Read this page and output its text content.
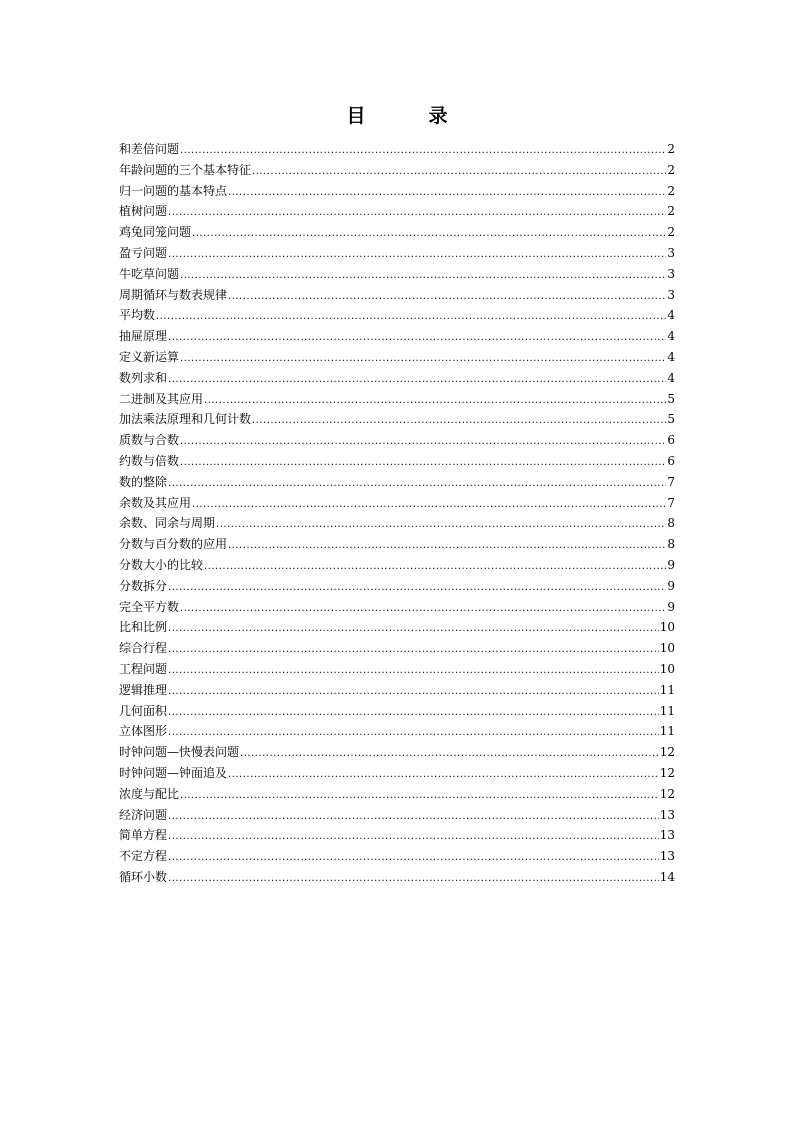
目　录
和差倍问题 .....	2
年龄问题的三个基本特征 .....	2
归一问题的基本特点 .....	2
植树问题 .....	2
鸡兔同笼问题 .....	2
盈亏问题 .....	3
牛吃草问题 .....	3
周期循环与数表规律 .....	3
平均数 .....	4
抽屉原理 .....	4
定义新运算 .....	4
数列求和 .....	4
二进制及其应用 .....	5
加法乘法原理和几何计数 .....	5
质数与合数 .....	6
约数与倍数 .....	6
数的整除 .....	7
余数及其应用 .....	7
余数、同余与周期 .....	8
分数与百分数的应用 .....	8
分数大小的比较 .....	9
分数拆分 .....	9
完全平方数 .....	9
比和比例 .....	10
综合行程 .....	10
工程问题 .....	10
逻辑推理 .....	11
几何面积 .....	11
立体图形 .....	11
时钟问题—快慢表问题 .....	12
时钟问题—钟面追及 .....	12
浓度与配比 .....	12
经济问题 .....	13
简单方程 .....	13
不定方程 .....	13
循环小数 .....	14
